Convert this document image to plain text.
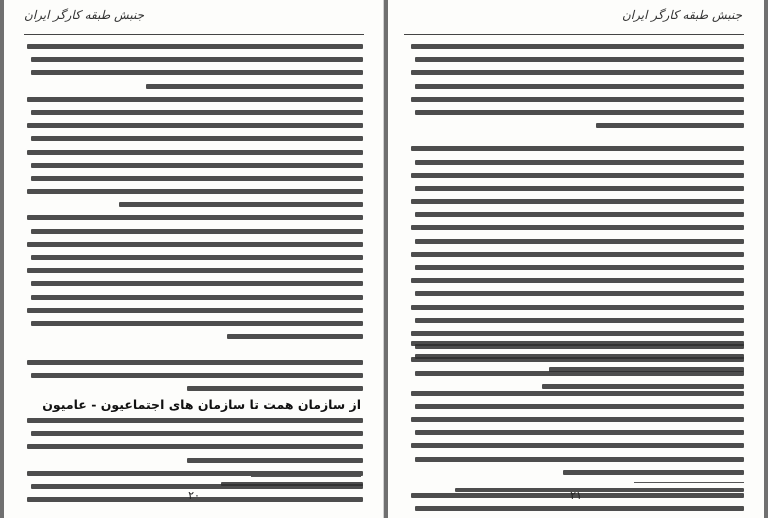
جنبش طبقه کارگر ایران
از سازمان همت تا سازمان های اجتماعیون - عامیون
۲۰
جنبش طبقه کارگر ایران
۲۱
